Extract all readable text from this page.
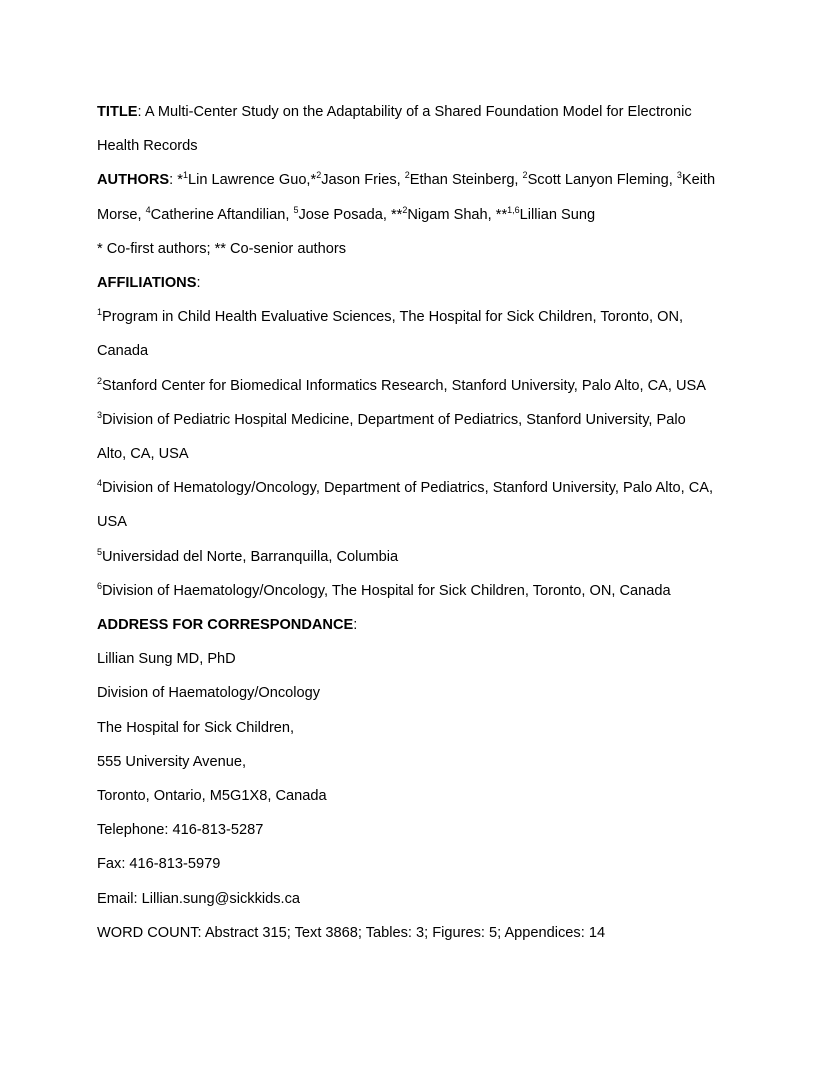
TITLE: A Multi-Center Study on the Adaptability of a Shared Foundation Model for Electronic

Health Records

AUTHORS: *$^1$Lin Lawrence Guo,*$^2$Jason Fries, $^2$Ethan Steinberg, $^2$Scott Lanyon Fleming, $^3$Keith

Morse, $^4$Catherine Aftandilian, $^5$Jose Posada, **$^2$Nigam Shah, **$^{1,6}$Lillian Sung

* Co-first authors; ** Co-senior authors

AFFILIATIONS:

$^1$Program in Child Health Evaluative Sciences, The Hospital for Sick Children, Toronto, ON,

Canada

$^2$Stanford Center for Biomedical Informatics Research, Stanford University, Palo Alto, CA, USA

$^3$Division of Pediatric Hospital Medicine, Department of Pediatrics, Stanford University, Palo

Alto, CA, USA

$^4$Division of Hematology/Oncology, Department of Pediatrics, Stanford University, Palo Alto, CA,

USA

$^5$Universidad del Norte, Barranquilla, Columbia

$^6$Division of Haematology/Oncology, The Hospital for Sick Children, Toronto, ON, Canada

ADDRESS FOR CORRESPONDANCE:

Lillian Sung MD, PhD

Division of Haematology/Oncology

The Hospital for Sick Children,

555 University Avenue,

Toronto, Ontario, M5G1X8, Canada

Telephone: 416-813-5287

Fax: 416-813-5979

Email: Lillian.sung@sickkids.ca

WORD COUNT: Abstract 315; Text 3868; Tables: 3; Figures: 5; Appendices: 14
